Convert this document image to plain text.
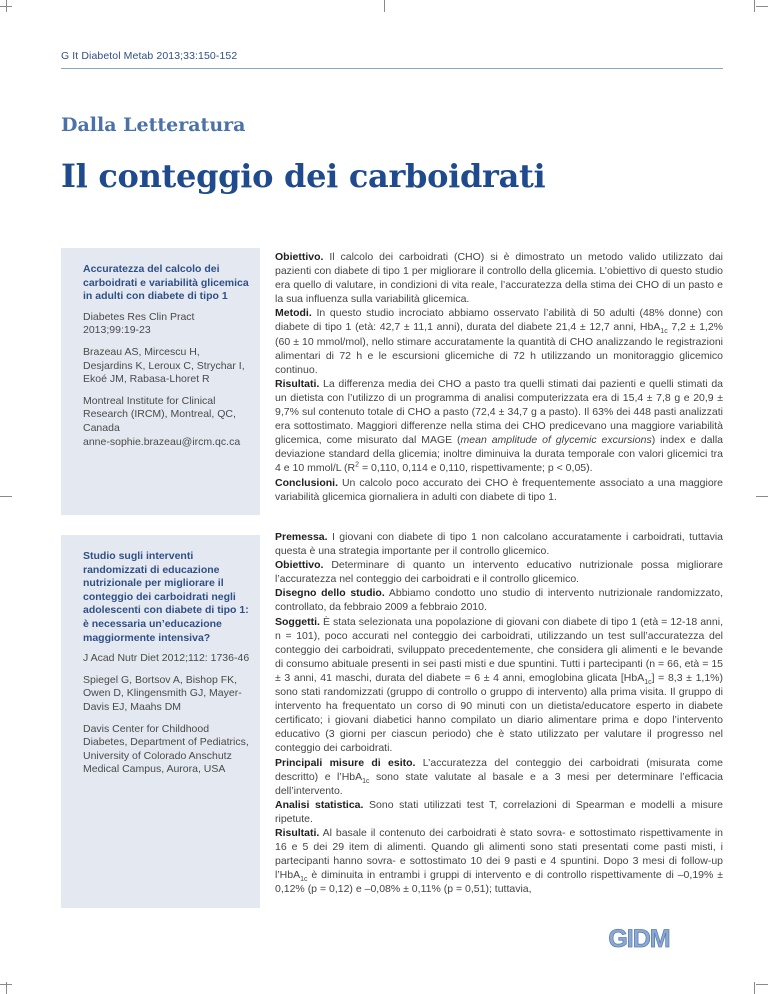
G It Diabetol Metab 2013;33:150-152
Dalla Letteratura
Il conteggio dei carboidrati

Accuratezza del calcolo dei carboidrati e variabilità glicemica in adulti con diabete di tipo 1

Diabetes Res Clin Pract 2013;99:19-23

Brazeau AS, Mircescu H, Desjardins K, Leroux C, Strychar I, Ekoé JM, Rabasa-Lhoret R

Montreal Institute for Clinical Research (IRCM), Montreal, QC, Canada

anne-sophie.brazeau@ircm.qc.ca

Obiettivo. Il calcolo dei carboidrati (CHO) si è dimostrato un metodo valido utilizzato dai pazienti con diabete di tipo 1 per migliorare il controllo della glicemia. L’obiettivo di questo studio era quello di valutare, in condizioni di vita reale, l’accuratezza della stima dei CHO di un pasto e la sua influenza sulla variabilità glicemica.

Metodi. In questo studio incrociato abbiamo osservato l’abilità di 50 adulti (48% donne) con diabete di tipo 1 (età: 42,7 ± 11,1 anni), durata del diabete 21,4 ± 12,7 anni, HbA$_{1c}$ 7,2 ± 1,2% (60 ± 10 mmol/mol), nello stimare accuratamente la quantità di CHO analizzando le registrazioni alimentari di 72 h e le escursioni glicemiche di 72 h utilizzando un monitoraggio glicemico continuo.

Risultati. La differenza media dei CHO a pasto tra quelli stimati dai pazienti e quelli stimati da un dietista con l’utilizzo di un programma di analisi computerizzata era di 15,4 ± 7,8 g e 20,9 ± 9,7% sul contenuto totale di CHO a pasto (72,4 ± 34,7 g a pasto). Il 63% dei 448 pasti analizzati era sottostimato. Maggiori differenze nella stima dei CHO predicevano una maggiore variabilità glicemica, come misurato dal MAGE (mean amplitude of glycemic excursions) index e dalla deviazione standard della glicemia; inoltre diminuiva la durata temporale con valori glicemici tra 4 e 10 mmol/L ($R^2 = 0,110$, 0,114 e 0,110, rispettivamente; p < 0,05).

Conclusioni. Un calcolo poco accurato dei CHO è frequentemente associato a una maggiore variabilità glicemica giornaliera in adulti con diabete di tipo 1.

Studio sugli interventi randomizzati di educazione nutrizionale per migliorare il conteggio dei carboidrati negli adolescenti con diabete di tipo 1: è necessaria un’educazione maggiormente intensiva?

J Acad Nutr Diet 2012;112: 1736-46

Spiegel G, Bortsov A, Bishop FK, Owen D, Klingensmith GJ, Mayer-Davis EJ, Maahs DM

Davis Center for Childhood Diabetes, Department of Pediatrics, University of Colorado Anschutz Medical Campus, Aurora, USA

Premessa. I giovani con diabete di tipo 1 non calcolano accuratamente i carboidrati, tuttavia questa è una strategia importante per il controllo glicemico.

Obiettivo. Determinare di quanto un intervento educativo nutrizionale possa migliorare l’accuratezza nel conteggio dei carboidrati e il controllo glicemico.

Disegno dello studio. Abbiamo condotto uno studio di intervento nutrizionale randomizzato, controllato, da febbraio 2009 a febbraio 2010.

Soggetti. È stata selezionata una popolazione di giovani con diabete di tipo 1 (età = 12-18 anni, n = 101), poco accurati nel conteggio dei carboidrati, utilizzando un test sull’accuratezza del conteggio dei carboidrati, sviluppato precedentemente, che considera gli alimenti e le bevande di consumo abituale presenti in sei pasti misti e due spuntini. Tutti i partecipanti (n = 66, età = 15 ± 3 anni, 41 maschi, durata del diabete = 6 ± 4 anni, emoglobina glicata [HbA$_{1c}$] = 8,3 ± 1,1%) sono stati randomizzati (gruppo di controllo o gruppo di intervento) alla prima visita. Il gruppo di intervento ha frequentato un corso di 90 minuti con un dietista/educatore esperto in diabete certificato; i giovani diabetici hanno compilato un diario alimentare prima e dopo l’intervento educativo (3 giorni per ciascun periodo) che è stato utilizzato per valutare il progresso nel conteggio dei carboidrati.

Principali misure di esito. L’accuratezza del conteggio dei carboidrati (misurata come descritto) e l’HbA$_{1c}$ sono state valutate al basale e a 3 mesi per determinare l’efficacia dell’intervento.

Analisi statistica. Sono stati utilizzati test T, correlazioni di Spearman e modelli a misure ripetute.

Risultati. Al basale il contenuto dei carboidrati è stato sovra- e sottostimato rispettivamente in 16 e 5 dei 29 item di alimenti. Quando gli alimenti sono stati presentati come pasti misti, i partecipanti hanno sovra- e sottostimato 10 dei 9 pasti e 4 spuntini. Dopo 3 mesi di follow-up l’HbA$_{1c}$ è diminuita in entrambi i gruppi di intervento e di controllo rispettivamente di –0,19% ± 0,12% (p = 0,12) e –0,08% ± 0,11% (p = 0,51); tuttavia,

GIDM
